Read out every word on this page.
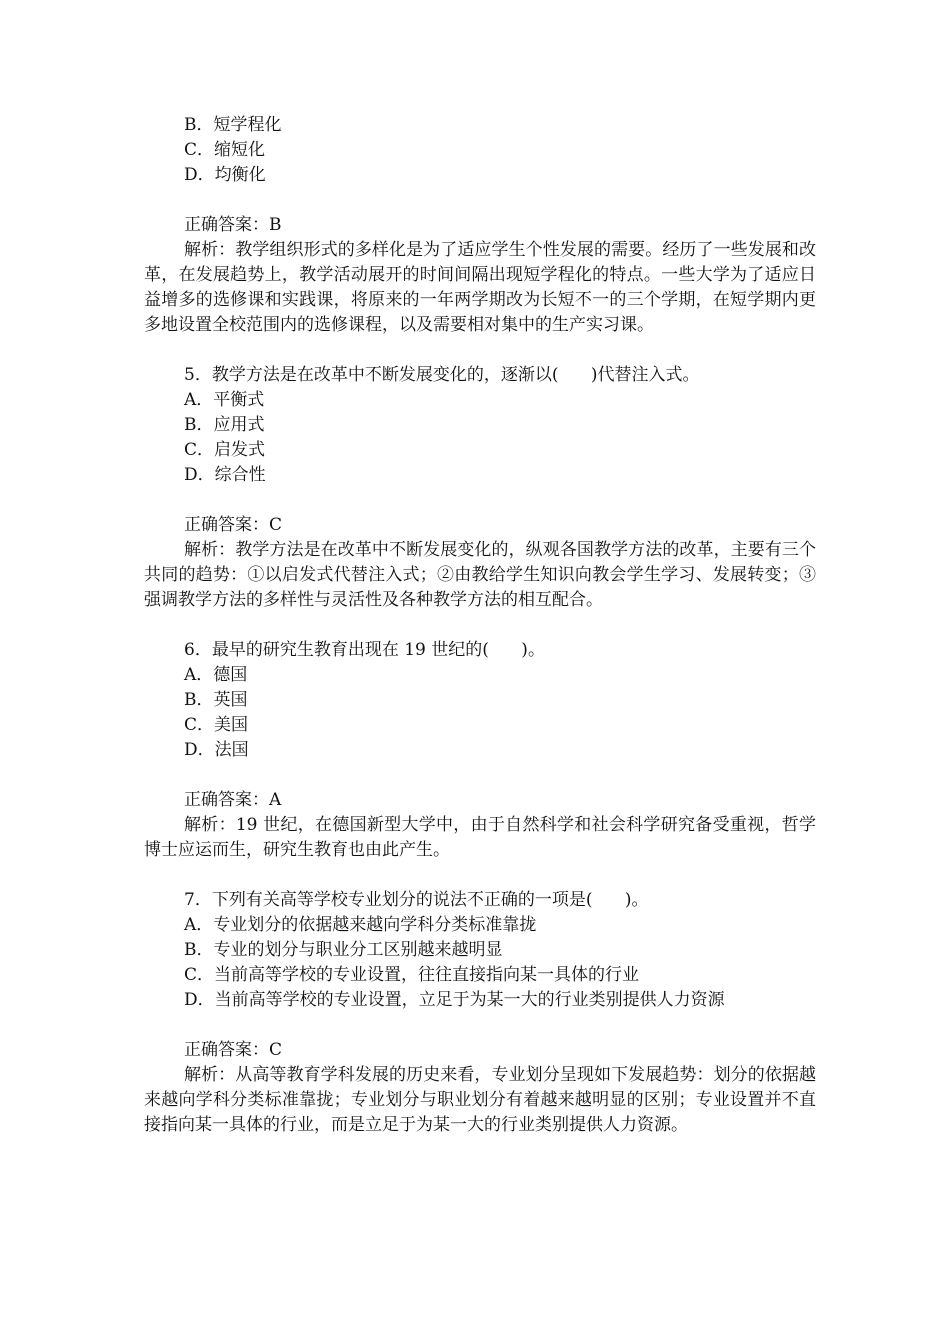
B．短学程化
C．缩短化
D．均衡化
正确答案：B
解析：教学组织形式的多样化是为了适应学生个性发展的需要。经历了一些发展和改革，在发展趋势上，教学活动展开的时间间隔出现短学程化的特点。一些大学为了适应日益增多的选修课和实践课，将原来的一年两学期改为长短不一的三个学期，在短学期内更多地设置全校范围内的选修课程，以及需要相对集中的生产实习课。
5．教学方法是在改革中不断发展变化的，逐渐以(      )代替注入式。
A．平衡式
B．应用式
C．启发式
D．综合性
正确答案：C
解析：教学方法是在改革中不断发展变化的，纵观各国教学方法的改革，主要有三个共同的趋势：①以启发式代替注入式；②由教给学生知识向教会学生学习、发展转变；③强调教学方法的多样性与灵活性及各种教学方法的相互配合。
6．最早的研究生教育出现在 19 世纪的(      )。
A．德国
B．英国
C．美国
D．法国
正确答案：A
解析：19 世纪，在德国新型大学中，由于自然科学和社会科学研究备受重视，哲学博士应运而生，研究生教育也由此产生。
7．下列有关高等学校专业划分的说法不正确的一项是(      )。
A．专业划分的依据越来越向学科分类标准靠拢
B．专业的划分与职业分工区别越来越明显
C．当前高等学校的专业设置，往往直接指向某一具体的行业
D．当前高等学校的专业设置，立足于为某一大的行业类别提供人力资源
正确答案：C
解析：从高等教育学科发展的历史来看，专业划分呈现如下发展趋势：划分的依据越来越向学科分类标准靠拢；专业划分与职业划分有着越来越明显的区别；专业设置并不直接指向某一具体的行业，而是立足于为某一大的行业类别提供人力资源。
